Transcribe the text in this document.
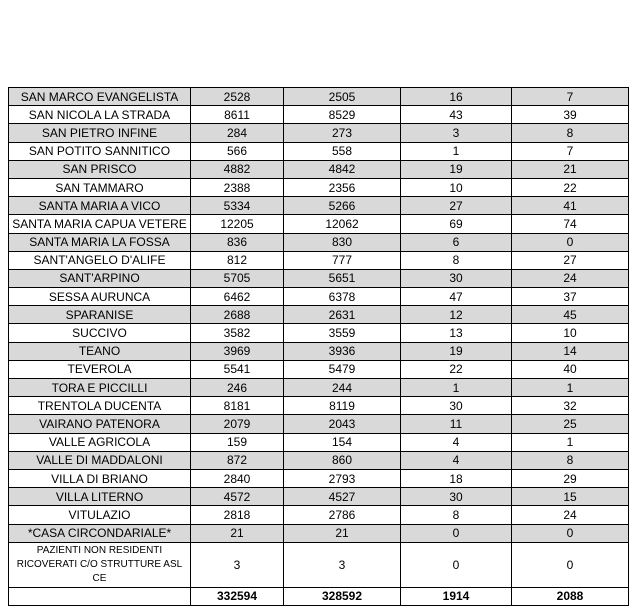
SAN MARCO EVANGELISTA	2528	2505	16	7
SAN NICOLA LA STRADA	8611	8529	43	39
SAN PIETRO INFINE	284	273	3	8
SAN POTITO SANNITICO	566	558	1	7
SAN PRISCO	4882	4842	19	21
SAN TAMMARO	2388	2356	10	22
SANTA MARIA A VICO	5334	5266	27	41
SANTA MARIA CAPUA VETERE	12205	12062	69	74
SANTA MARIA LA FOSSA	836	830	6	0
SANT'ANGELO D'ALIFE	812	777	8	27
SANT'ARPINO	5705	5651	30	24
SESSA AURUNCA	6462	6378	47	37
SPARANISE	2688	2631	12	45
SUCCIVO	3582	3559	13	10
TEANO	3969	3936	19	14
TEVEROLA	5541	5479	22	40
TORA E PICCILLI	246	244	1	1
TRENTOLA DUCENTA	8181	8119	30	32
VAIRANO PATENORA	2079	2043	11	25
VALLE AGRICOLA	159	154	4	1
VALLE DI MADDALONI	872	860	4	8
VILLA DI BRIANO	2840	2793	18	29
VILLA LITERNO	4572	4527	30	15
VITULAZIO	2818	2786	8	24
*CASA CIRCONDARIALE*	21	21	0	0
PAZIENTI NON RESIDENTI RICOVERATI C/O STRUTTURE ASL CE	3	3	0	0
	332594	328592	1914	2088
